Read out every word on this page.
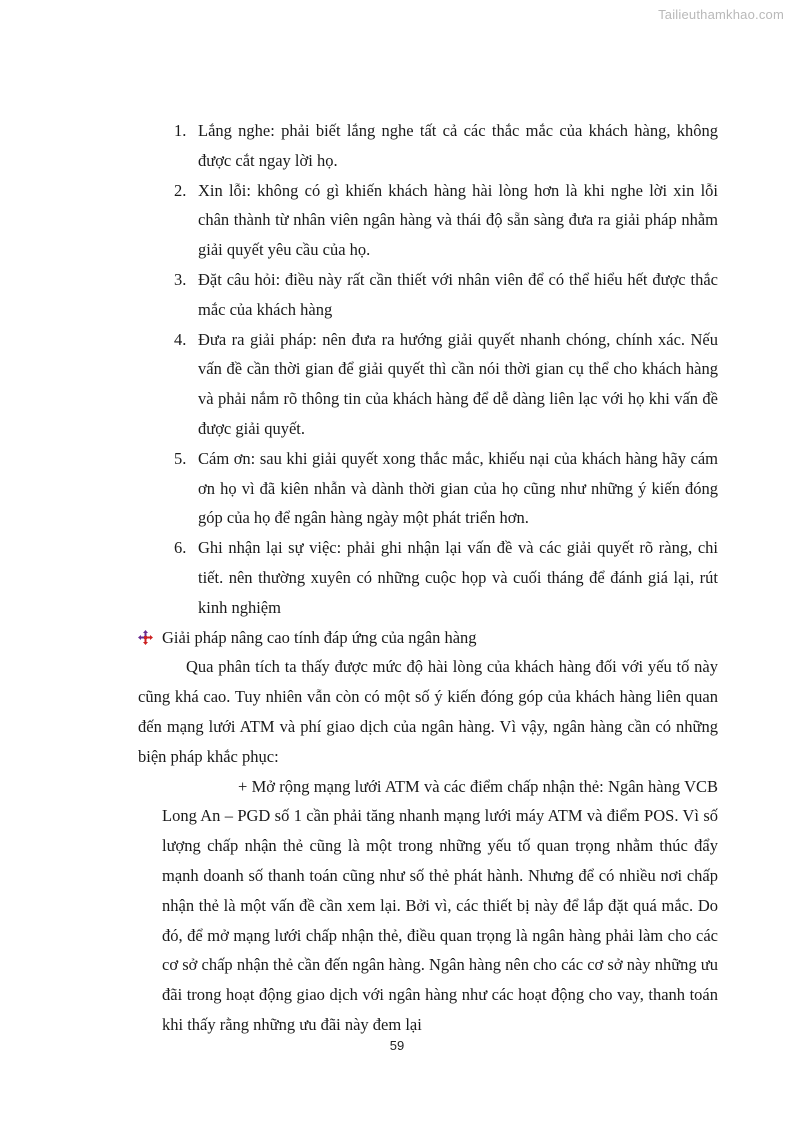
Tailieuthamkhao.com
1. Lắng nghe: phải biết lắng nghe tất cả các thắc mắc của khách hàng, không được cắt ngay lời họ.
2. Xin lỗi: không có gì khiến khách hàng hài lòng hơn là khi nghe lời xin lỗi chân thành từ nhân viên ngân hàng và thái độ sẵn sàng đưa ra giải pháp nhằm giải quyết yêu cầu của họ.
3. Đặt câu hỏi: điều này rất cần thiết với nhân viên để có thể hiểu hết được thắc mắc của khách hàng
4. Đưa ra giải pháp: nên đưa ra hướng giải quyết nhanh chóng, chính xác. Nếu vấn đề cần thời gian để giải quyết thì cần nói thời gian cụ thể cho khách hàng và phải nắm rõ thông tin của khách hàng để dễ dàng liên lạc với họ khi vấn đề được giải quyết.
5. Cám ơn: sau khi giải quyết xong thắc mắc, khiếu nại của khách hàng hãy cám ơn họ vì đã kiên nhẫn và dành thời gian của họ cũng như những ý kiến đóng góp của họ để ngân hàng ngày một phát triển hơn.
6. Ghi nhận lại sự việc: phải ghi nhận lại vấn đề và các giải quyết rõ ràng, chi tiết. nên thường xuyên có những cuộc họp và cuối tháng để đánh giá lại, rút kinh nghiệm
Giải pháp nâng cao tính đáp ứng của ngân hàng

Qua phân tích ta thấy được mức độ hài lòng của khách hàng đối với yếu tố này cũng khá cao. Tuy nhiên vẫn còn có một số ý kiến đóng góp của khách hàng liên quan đến mạng lưới ATM và phí giao dịch của ngân hàng. Vì vậy, ngân hàng cần có những biện pháp khắc phục:

+ Mở rộng mạng lưới ATM và các điểm chấp nhận thẻ: Ngân hàng VCB Long An – PGD số 1 cần phải tăng nhanh mạng lưới máy ATM và điểm POS. Vì số lượng chấp nhận thẻ cũng là một trong những yếu tố quan trọng nhằm thúc đẩy mạnh doanh số thanh toán cũng như số thẻ phát hành. Nhưng để có nhiều nơi chấp nhận thẻ là một vấn đề cần xem lại. Bởi vì, các thiết bị này để lắp đặt quá mắc. Do đó, để mở mạng lưới chấp nhận thẻ, điều quan trọng là ngân hàng phải làm cho các cơ sở chấp nhận thẻ cần đến ngân hàng. Ngân hàng nên cho các cơ sở này những ưu đãi trong hoạt động giao dịch với ngân hàng như các hoạt động cho vay, thanh toán khi thấy rằng những ưu đãi này đem lại

59
